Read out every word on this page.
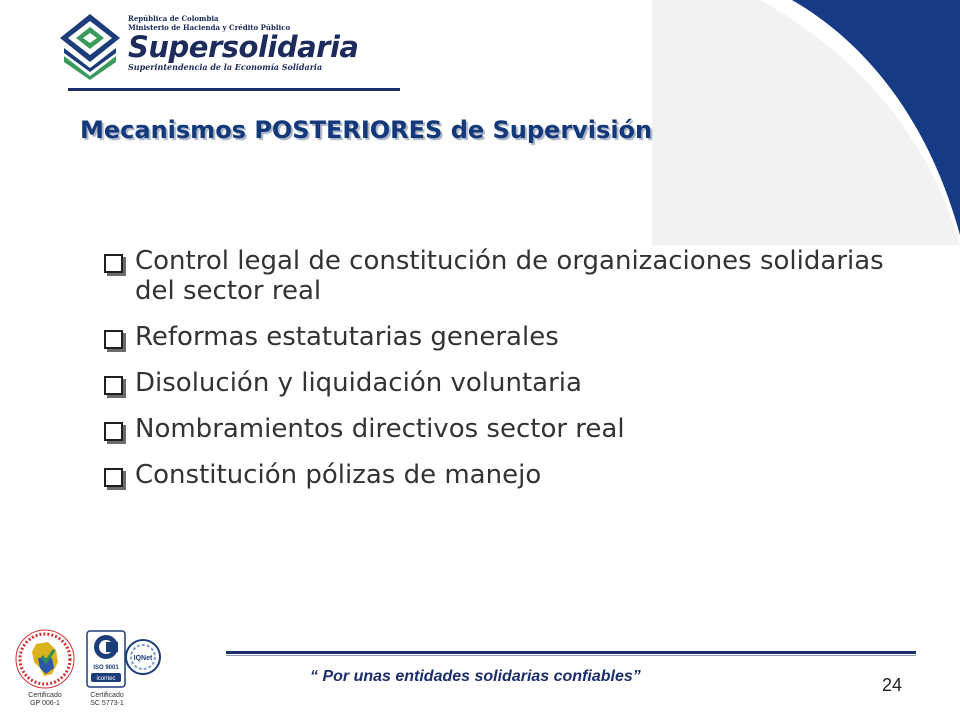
República de Colombia
Ministerio de Hacienda y Crédito Público
Supersolidaria
Superintendencia de la Economía Solidaria
Mecanismos POSTERIORES de Supervisión
Control legal de constitución de organizaciones solidarias del sector real
Reformas estatutarias generales
Disolución y liquidación voluntaria
Nombramientos directivos sector real
Constitución pólizas de manejo
“ Por unas entidades solidarias confiables”	24
Certificado
GP 006-1
ISO 9001
icontec
Certificado
SC 5773-1
IQNet
